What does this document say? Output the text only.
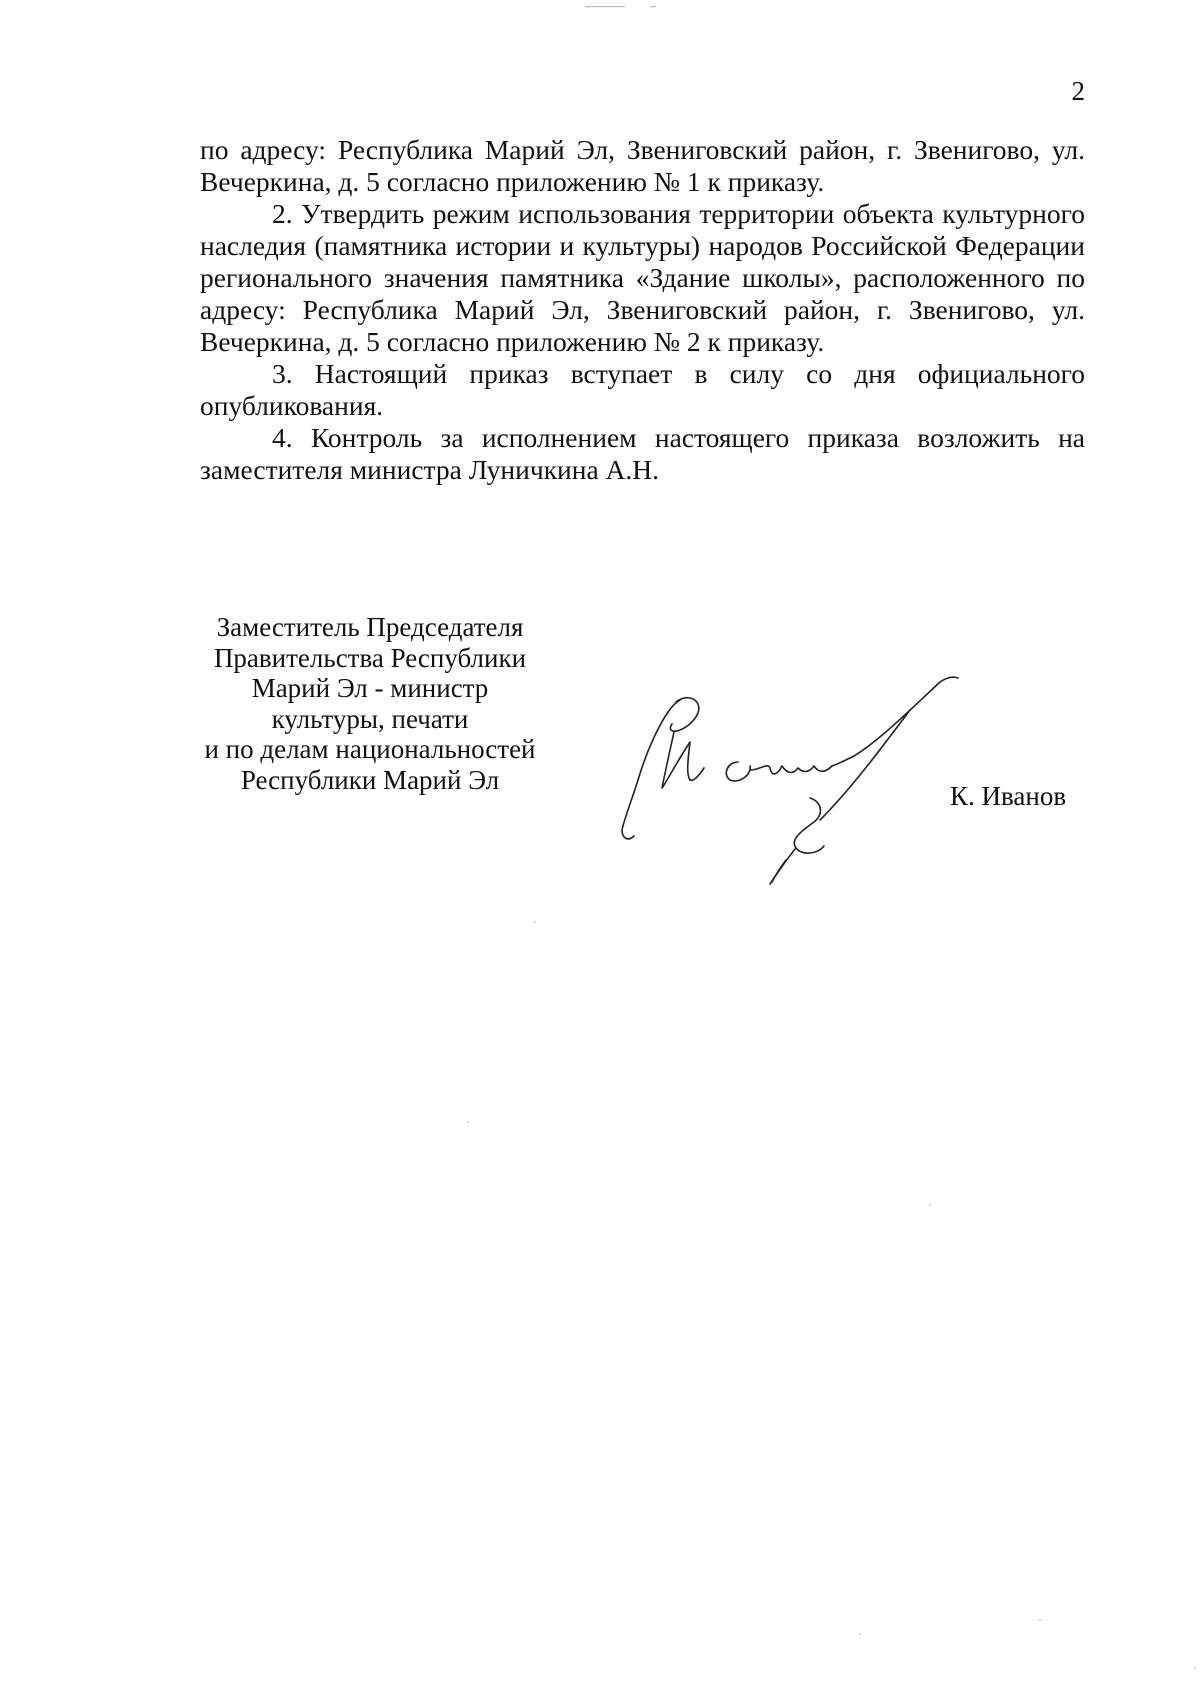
2

по адресу: Республика Марий Эл, Звениговский район, г. Звенигово, ул. Вечеркина, д. 5 согласно приложению № 1 к приказу.

2. Утвердить режим использования территории объекта культурного наследия (памятника истории и культуры) народов Российской Федерации регионального значения памятника «Здание школы», расположенного по адресу: Республика Марий Эл, Звениговский район, г. Звенигово, ул. Вечеркина, д. 5 согласно приложению № 2 к приказу.

3. Настоящий приказ вступает в силу со дня официального опубликования.

4. Контроль за исполнением настоящего приказа возложить на заместителя министра Луничкина А.Н.

Заместитель Председателя
Правительства Республики
Марий Эл - министр
культуры, печати
и по делам национальностей
Республики Марий Эл
К. Иванов
